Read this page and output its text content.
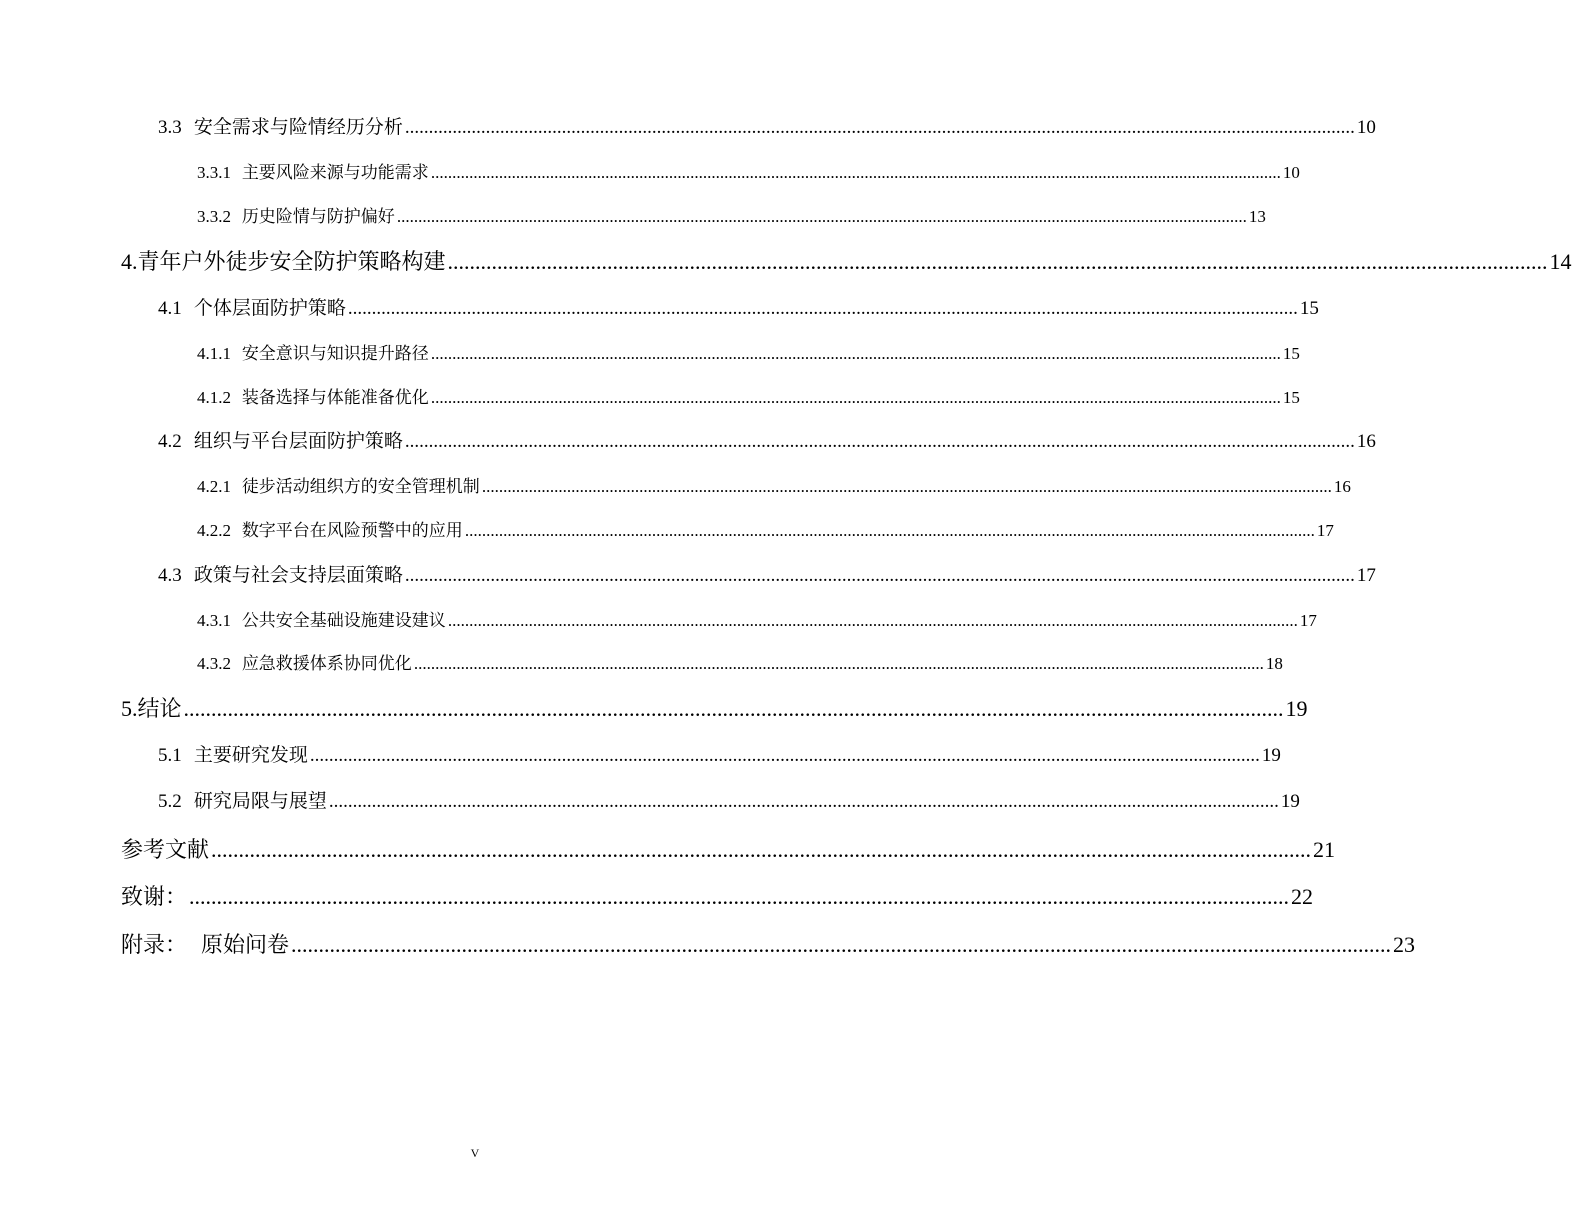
3.3 安全需求与险情经历分析 ........................................................................................................................................................................................................ 10
3.3.1 主要风险来源与功能需求 ........................................................................................................................................................................................................ 10
3.3.2 历史险情与防护偏好 ........................................................................................................................................................................................................ 13
4.青年户外徒步安全防护策略构建 ........................................................................................................................................................................................................ 14
4.1 个体层面防护策略 ........................................................................................................................................................................................................ 15
4.1.1 安全意识与知识提升路径 ........................................................................................................................................................................................................ 15
4.1.2 装备选择与体能准备优化 ........................................................................................................................................................................................................ 15
4.2 组织与平台层面防护策略 ........................................................................................................................................................................................................ 16
4.2.1 徒步活动组织方的安全管理机制 ........................................................................................................................................................................................................ 16
4.2.2 数字平台在风险预警中的应用 ........................................................................................................................................................................................................ 17
4.3 政策与社会支持层面策略 ........................................................................................................................................................................................................ 17
4.3.1 公共安全基础设施建设建议 ........................................................................................................................................................................................................ 17
4.3.2 应急救援体系协同优化 ........................................................................................................................................................................................................ 18
5.结论 ........................................................................................................................................................................................................ 19
5.1 主要研究发现 ........................................................................................................................................................................................................ 19
5.2 研究局限与展望 ........................................................................................................................................................................................................ 19
参考文献 ........................................................................................................................................................................................................ 21
致谢： ........................................................................................................................................................................................................ 22
附录：  原始问卷 ........................................................................................................................................................................................................ 23
V
